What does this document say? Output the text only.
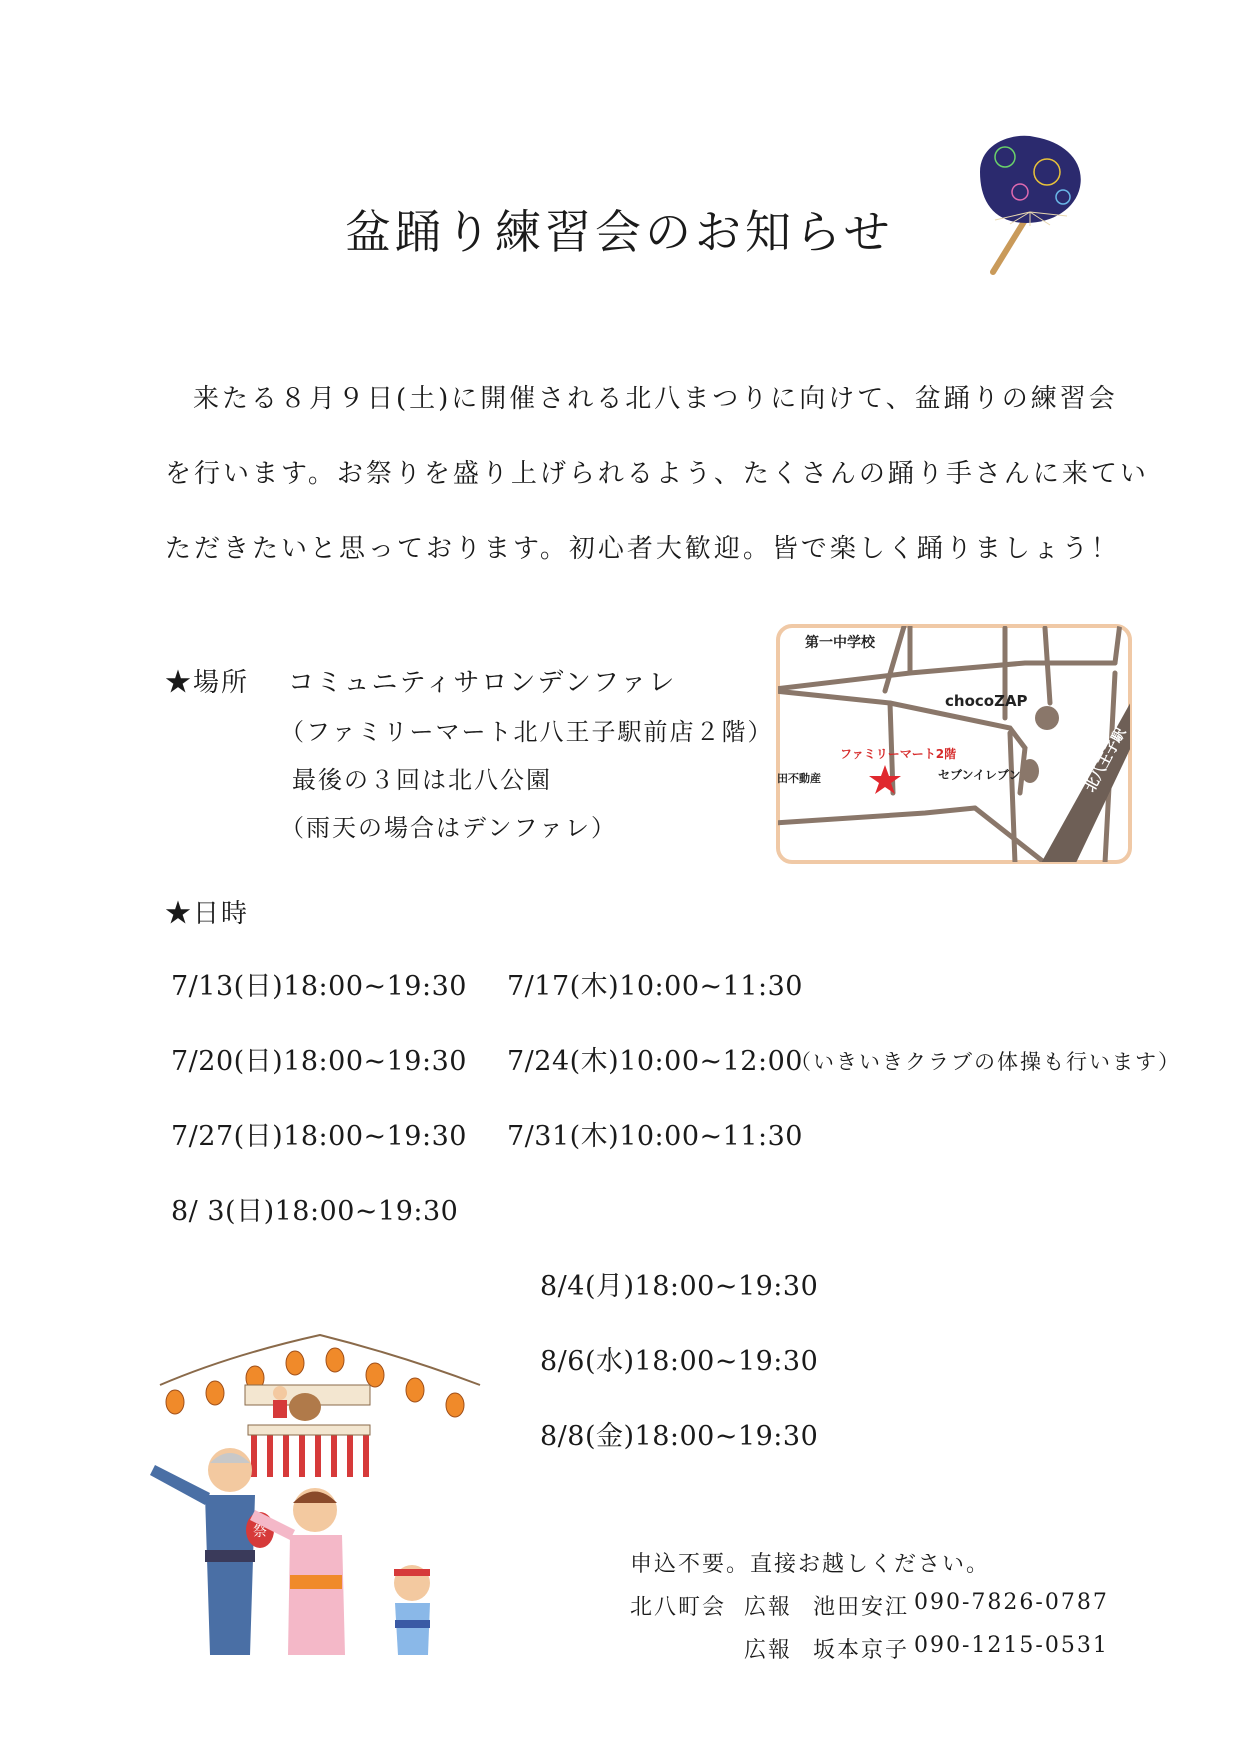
盆踊り練習会のお知らせ
来たる８月９日(土)に開催される北八まつりに向けて、盆踊りの練習会
を行います。お祭りを盛り上げられるよう、たくさんの踊り手さんに来てい
ただきたいと思っております。初心者大歓迎。皆で楽しく踊りましょう！
★場所 コミュニティサロンデンファレ
（ファミリーマート北八王子駅前店２階）
最後の３回は北八公園
（雨天の場合はデンファレ）
第一中学校
chocoZAP
ファミリーマート2階
田不動産	セブンイレブン	北八王子駅
★日時
7/13(日)18:00~19:30
7/20(日)18:00~19:30
7/27(日)18:00~19:30
8/ 3(日)18:00~19:30
7/17(木)10:00~11:30
7/24(木)10:00~12:00
（いきいきクラブの体操も行います）
7/31(木)10:00~11:30
8/4(月)18:00~19:30
8/6(水)18:00~19:30
8/8(金)18:00~19:30
祭
申込不要。直接お越しください。
北八町会 広報 池田安江 090-7826-0787
広報 坂本京子 090-1215-0531
